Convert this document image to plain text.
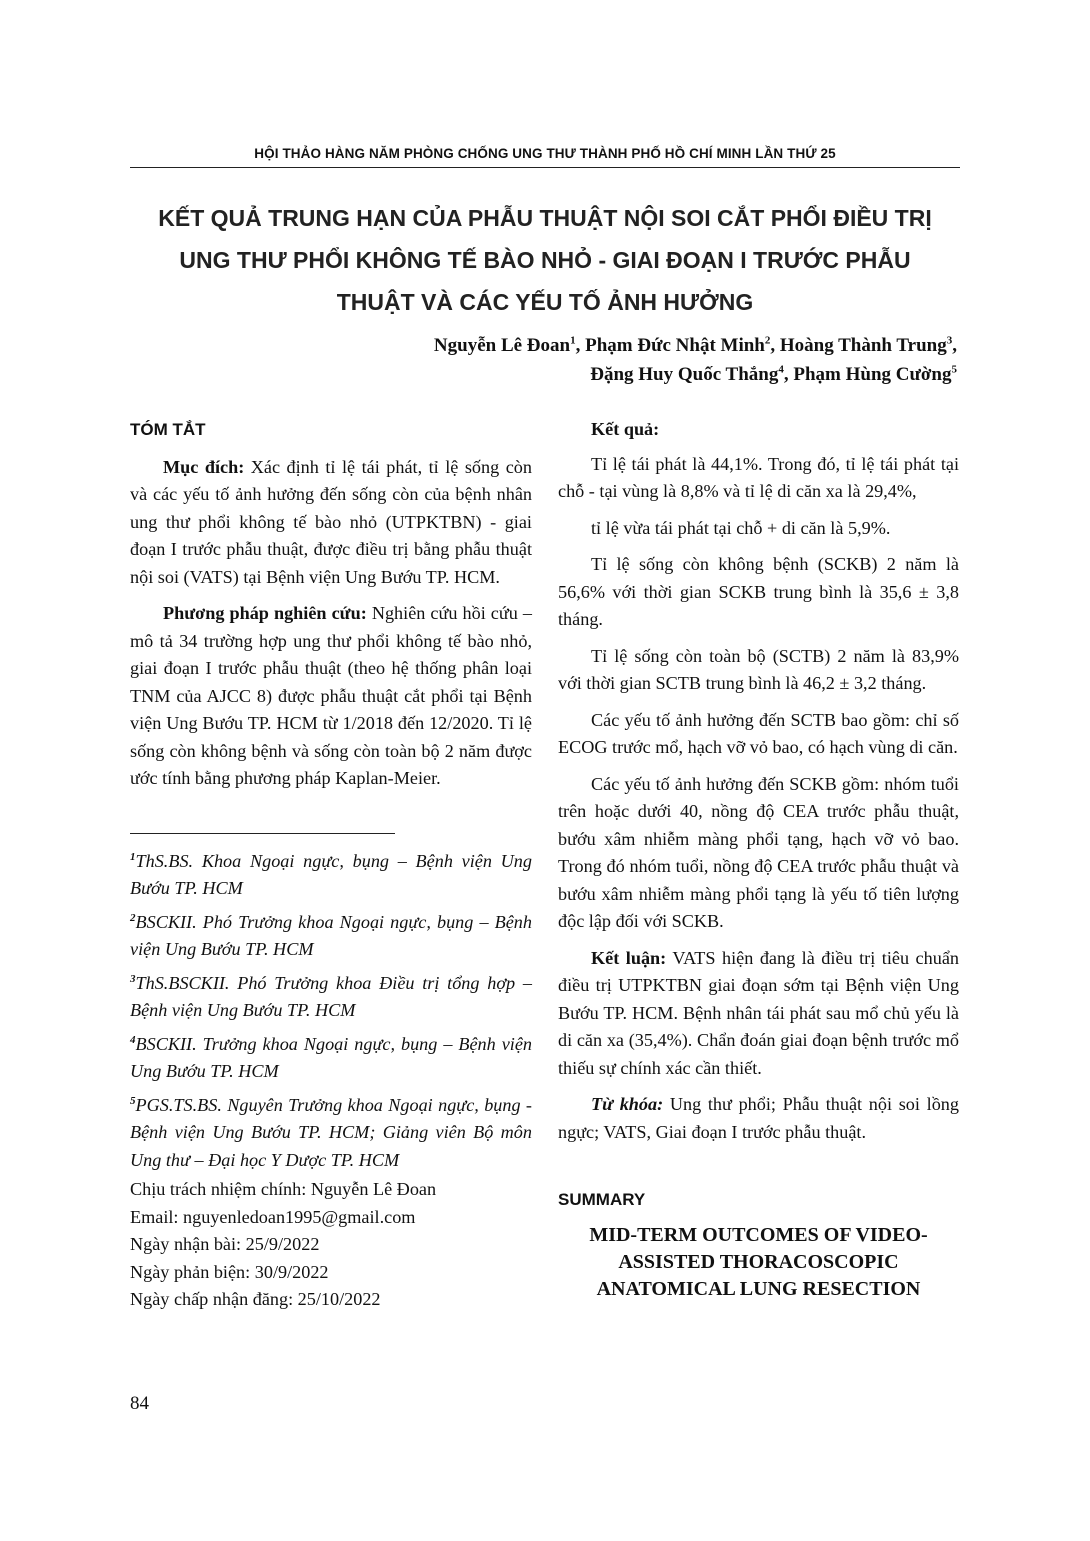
HỘI THẢO HÀNG NĂM PHÒNG CHỐNG UNG THƯ THÀNH PHỐ HỒ CHÍ MINH LẦN THỨ 25
KẾT QUẢ TRUNG HẠN CỦA PHẪU THUẬT NỘI SOI CẮT PHỔI ĐIỀU TRỊ
UNG THƯ PHỔI KHÔNG TẾ BÀO NHỎ - GIAI ĐOẠN I TRƯỚC PHẪU
THUẬT VÀ CÁC YẾU TỐ ẢNH HƯỞNG
Nguyễn Lê Đoan$^1$, Phạm Đức Nhật Minh$^2$, Hoàng Thành Trung$^3$,
Đặng Huy Quốc Thắng$^4$, Phạm Hùng Cường$^5$
TÓM TẮT

Mục đích: Xác định tỉ lệ tái phát, tỉ lệ sống còn và các yếu tố ảnh hưởng đến sống còn của bệnh nhân ung thư phổi không tế bào nhỏ (UTPKTBN) - giai đoạn I trước phẫu thuật, được điều trị bằng phẫu thuật nội soi (VATS) tại Bệnh viện Ung Bướu TP. HCM.

Phương pháp nghiên cứu: Nghiên cứu hồi cứu – mô tả 34 trường hợp ung thư phổi không tế bào nhỏ, giai đoạn I trước phẫu thuật (theo hệ thống phân loại TNM của AJCC 8) được phẫu thuật cắt phổi tại Bệnh viện Ung Bướu TP. HCM từ 1/2018 đến 12/2020. Tỉ lệ sống còn không bệnh và sống còn toàn bộ 2 năm được ước tính bằng phương pháp Kaplan-Meier.

$^1$ThS.BS. Khoa Ngoại ngực, bụng – Bệnh viện Ung Bướu TP. HCM

$^2$BSCKII. Phó Trưởng khoa Ngoại ngực, bụng – Bệnh viện Ung Bướu TP. HCM

$^3$ThS.BSCKII. Phó Trưởng khoa Điều trị tổng hợp – Bệnh viện Ung Bướu TP. HCM

$^4$BSCKII. Trưởng khoa Ngoại ngực, bụng – Bệnh viện Ung Bướu TP. HCM

$^5$PGS.TS.BS. Nguyên Trưởng khoa Ngoại ngực, bụng - Bệnh viện Ung Bướu TP. HCM; Giảng viên Bộ môn Ung thư – Đại học Y Dược TP. HCM

Chịu trách nhiệm chính: Nguyễn Lê Đoan
Email: nguyenledoan1995@gmail.com
Ngày nhận bài: 25/9/2022
Ngày phản biện: 30/9/2022
Ngày chấp nhận đăng: 25/10/2022
Kết quả:

Tỉ lệ tái phát là 44,1%. Trong đó, tỉ lệ tái phát tại chỗ - tại vùng là 8,8% và tỉ lệ di căn xa là 29,4%,

tỉ lệ vừa tái phát tại chỗ + di căn là 5,9%.

Tỉ lệ sống còn không bệnh (SCKB) 2 năm là 56,6% với thời gian SCKB trung bình là 35,6 ± 3,8 tháng.

Tỉ lệ sống còn toàn bộ (SCTB) 2 năm là 83,9% với thời gian SCTB trung bình là 46,2 ± 3,2 tháng.

Các yếu tố ảnh hưởng đến SCTB bao gồm: chỉ số ECOG trước mổ, hạch vỡ vỏ bao, có hạch vùng di căn.

Các yếu tố ảnh hưởng đến SCKB gồm: nhóm tuổi trên hoặc dưới 40, nồng độ CEA trước phẫu thuật, bướu xâm nhiễm màng phổi tạng, hạch vỡ vỏ bao. Trong đó nhóm tuổi, nồng độ CEA trước phẫu thuật và bướu xâm nhiễm màng phổi tạng là yếu tố tiên lượng độc lập đối với SCKB.

Kết luận: VATS hiện đang là điều trị tiêu chuẩn điều trị UTPKTBN giai đoạn sớm tại Bệnh viện Ung Bướu TP. HCM. Bệnh nhân tái phát sau mổ chủ yếu là di căn xa (35,4%). Chẩn đoán giai đoạn bệnh trước mổ thiếu sự chính xác cần thiết.

Từ khóa: Ung thư phổi; Phẫu thuật nội soi lồng ngực; VATS, Giai đoạn I trước phẫu thuật.

SUMMARY
MID-TERM OUTCOMES OF VIDEO-
ASSISTED THORACOSCOPIC
ANATOMICAL LUNG RESECTION
84
